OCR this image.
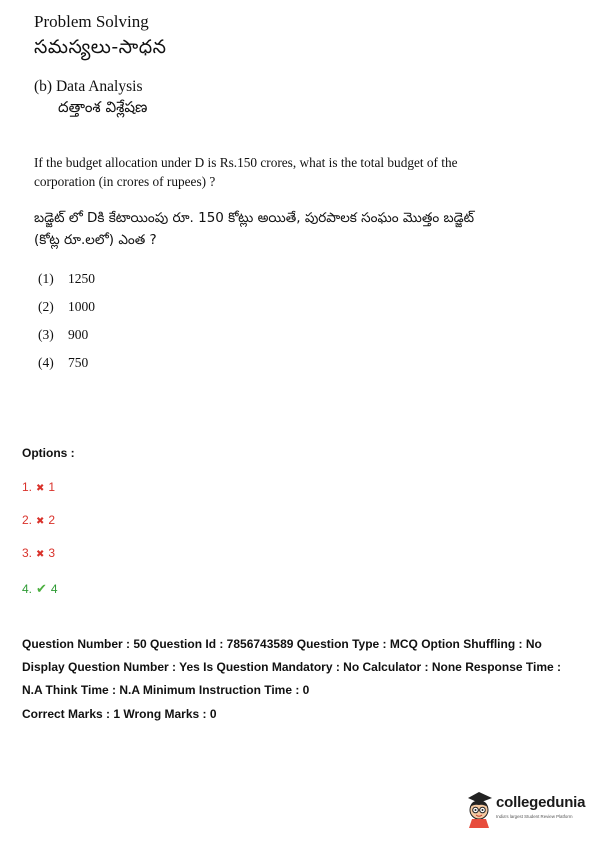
Problem Solving
సమస్యలు-సాధన
(b) Data Analysis
దత్తాంశ విశ్లేషణ
If the budget allocation under D is Rs.150 crores, what is the total budget of the corporation (in crores of rupees) ?
బడ్జెట్ లో Dకి కేటాయింపు రూ. 150 కోట్లు అయితే, పురపాలక సంఘం మొత్తం బడ్జెట్ (కోట్ల రూ.లలో) ఎంత ?
(1) 1250
(2) 1000
(3) 900
(4) 750
Options :
1. ✖ 1
2. ✖ 2
3. ✖ 3
4. ✔ 4
Question Number : 50 Question Id : 7856743589 Question Type : MCQ Option Shuffling : No Display Question Number : Yes Is Question Mandatory : No Calculator : None Response Time : N.A Think Time : N.A Minimum Instruction Time : 0
Correct Marks : 1 Wrong Marks : 0
collegedunia
India's largest Student Review Platform
